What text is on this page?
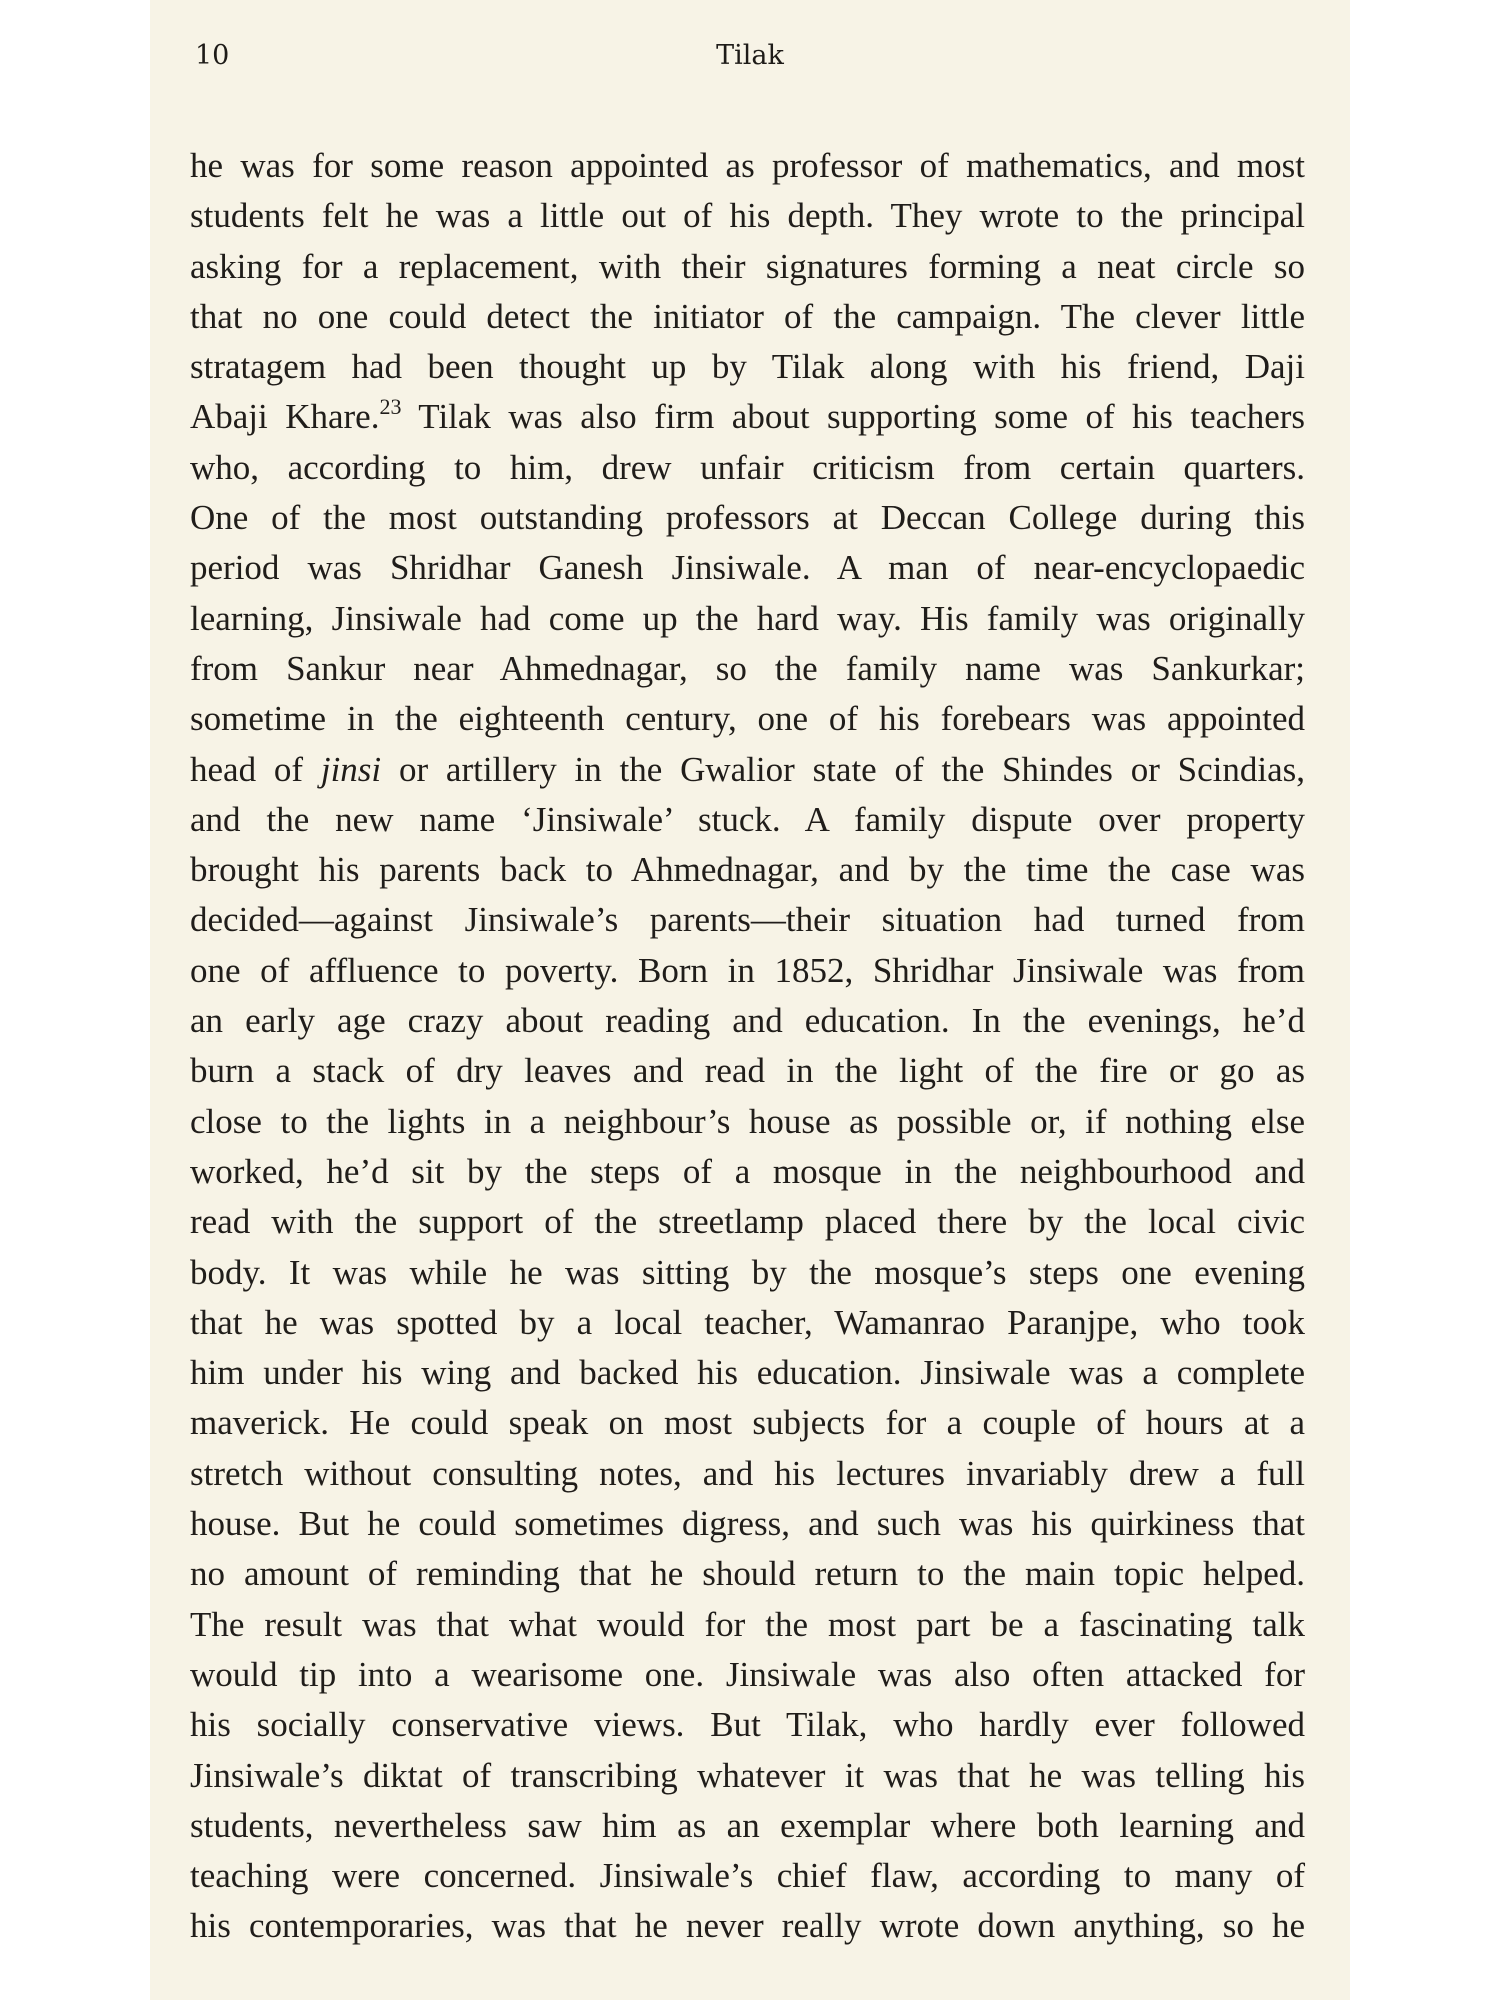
10	Tilak
he was for some reason appointed as professor of mathematics, and most
students felt he was a little out of his depth. They wrote to the principal
asking for a replacement, with their signatures forming a neat circle so
that no one could detect the initiator of the campaign. The clever little
stratagem had been thought up by Tilak along with his friend, Daji
Abaji Khare.$^{23}$ Tilak was also firm about supporting some of his teachers
who, according to him, drew unfair criticism from certain quarters.
One of the most outstanding professors at Deccan College during this
period was Shridhar Ganesh Jinsiwale. A man of near-encyclopaedic
learning, Jinsiwale had come up the hard way. His family was originally
from Sankur near Ahmednagar, so the family name was Sankurkar;
sometime in the eighteenth century, one of his forebears was appointed
head of jinsi or artillery in the Gwalior state of the Shindes or Scindias,
and the new name ‘Jinsiwale’ stuck. A family dispute over property
brought his parents back to Ahmednagar, and by the time the case was
decided—against Jinsiwale’s parents—their situation had turned from
one of affluence to poverty. Born in 1852, Shridhar Jinsiwale was from
an early age crazy about reading and education. In the evenings, he’d
burn a stack of dry leaves and read in the light of the fire or go as
close to the lights in a neighbour’s house as possible or, if nothing else
worked, he’d sit by the steps of a mosque in the neighbourhood and
read with the support of the streetlamp placed there by the local civic
body. It was while he was sitting by the mosque’s steps one evening
that he was spotted by a local teacher, Wamanrao Paranjpe, who took
him under his wing and backed his education. Jinsiwale was a complete
maverick. He could speak on most subjects for a couple of hours at a
stretch without consulting notes, and his lectures invariably drew a full
house. But he could sometimes digress, and such was his quirkiness that
no amount of reminding that he should return to the main topic helped.
The result was that what would for the most part be a fascinating talk
would tip into a wearisome one. Jinsiwale was also often attacked for
his socially conservative views. But Tilak, who hardly ever followed
Jinsiwale’s diktat of transcribing whatever it was that he was telling his
students, nevertheless saw him as an exemplar where both learning and
teaching were concerned. Jinsiwale’s chief flaw, according to many of
his contemporaries, was that he never really wrote down anything, so he
